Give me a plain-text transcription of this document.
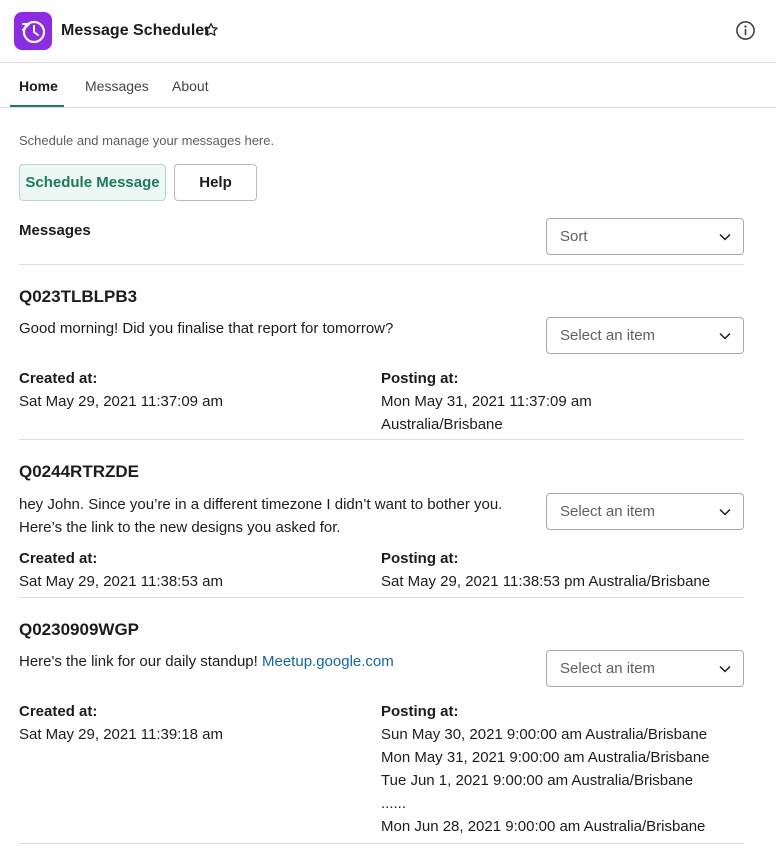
Message Scheduler
Home Messages About
Schedule and manage your messages here.
Schedule Message	Help
Messages	Sort
Q023TLBLPB3
Good morning! Did you finalise that report for tomorrow?	Select an item
Created at:
Sat May 29, 2021 11:37:09 am
Posting at:
Mon May 31, 2021 11:37:09 am
Australia/Brisbane
Q0244RTRZDE
hey John. Since you’re in a different timezone I didn’t want to bother you.
Here’s the link to the new designs you asked for.
Select an item
Created at:
Sat May 29, 2021 11:38:53 am
Posting at:
Sat May 29, 2021 11:38:53 pm Australia/Brisbane
Q0230909WGP
Here's the link for our daily standup! Meetup.google.com	Select an item
Created at:
Sat May 29, 2021 11:39:18 am
Posting at:
Sun May 30, 2021 9:00:00 am Australia/Brisbane
Mon May 31, 2021 9:00:00 am Australia/Brisbane
Tue Jun 1, 2021 9:00:00 am Australia/Brisbane
......
Mon Jun 28, 2021 9:00:00 am Australia/Brisbane
